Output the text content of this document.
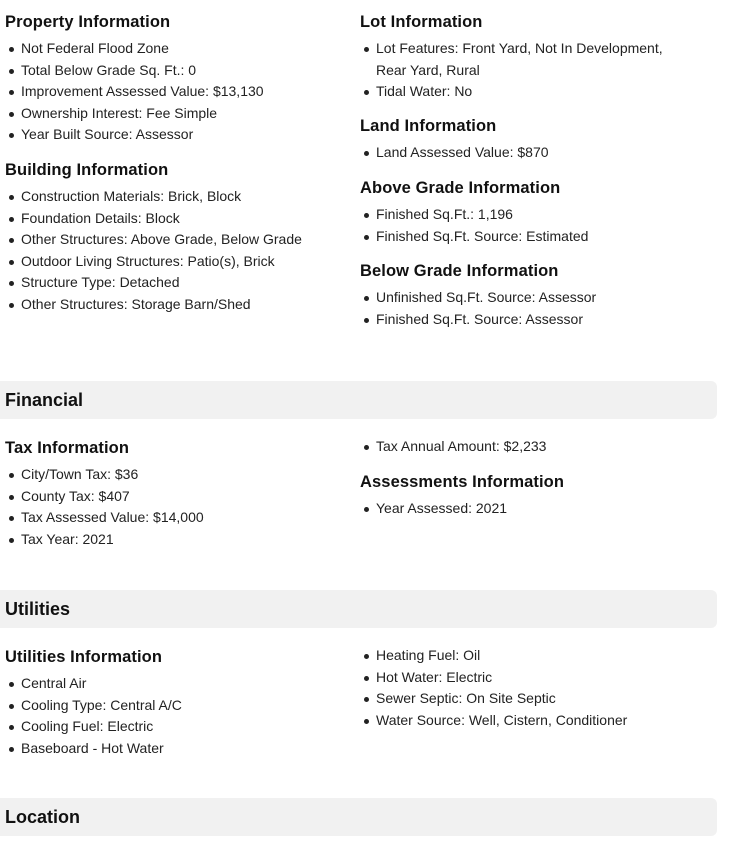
Property Information
Not Federal Flood Zone
Total Below Grade Sq. Ft.: 0
Improvement Assessed Value: $13,130
Ownership Interest: Fee Simple
Year Built Source: Assessor
Building Information
Construction Materials: Brick, Block
Foundation Details: Block
Other Structures: Above Grade, Below Grade
Outdoor Living Structures: Patio(s), Brick
Structure Type: Detached
Other Structures: Storage Barn/Shed
Lot Information
Lot Features: Front Yard, Not In Development, Rear Yard, Rural
Tidal Water: No
Land Information
Land Assessed Value: $870
Above Grade Information
Finished Sq.Ft.: 1,196
Finished Sq.Ft. Source: Estimated
Below Grade Information
Unfinished Sq.Ft. Source: Assessor
Finished Sq.Ft. Source: Assessor
Financial
Tax Information
City/Town Tax: $36
County Tax: $407
Tax Assessed Value: $14,000
Tax Year: 2021
Tax Annual Amount: $2,233
Assessments Information
Year Assessed: 2021
Utilities
Utilities Information
Central Air
Cooling Type: Central A/C
Cooling Fuel: Electric
Baseboard - Hot Water
Heating Fuel: Oil
Hot Water: Electric
Sewer Septic: On Site Septic
Water Source: Well, Cistern, Conditioner
Location
